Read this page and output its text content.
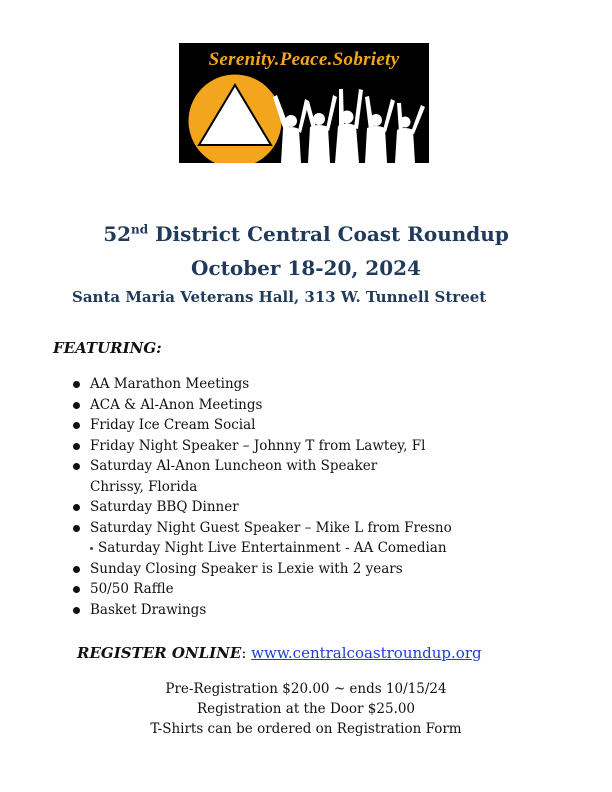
Serenity.Peace.Sobriety
52nd District Central Coast Roundup
October 18-20, 2024
Santa Maria Veterans Hall, 313 W. Tunnell Street
FEATURING:
AA Marathon Meetings
ACA & Al-Anon Meetings
Friday Ice Cream Social
Friday Night Speaker – Johnny T from Lawtey, Fl
Saturday Al-Anon Luncheon with Speaker
Chrissy, Florida
Saturday BBQ Dinner
Saturday Night Guest Speaker – Mike L from Fresno
Saturday Night Live Entertainment - AA Comedian
Sunday Closing Speaker is Lexie with 2 years
50/50 Raffle
Basket Drawings
REGISTER ONLINE: www.centralcoastroundup.org
Pre-Registration $20.00 ~ ends 10/15/24
Registration at the Door $25.00
T-Shirts can be ordered on Registration Form
